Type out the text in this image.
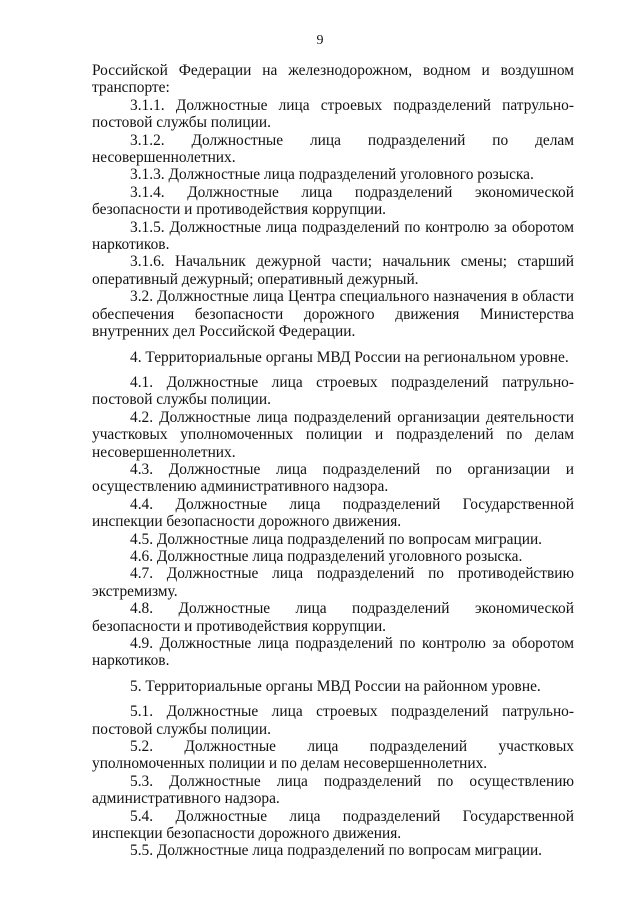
9

Российской Федерации на железнодорожном, водном и воздушном транспорте:

3.1.1. Должностные лица строевых подразделений патрульно-постовой службы полиции.

3.1.2. Должностные лица подразделений по делам несовершеннолетних.

3.1.3. Должностные лица подразделений уголовного розыска.

3.1.4. Должностные лица подразделений экономической безопасности и противодействия коррупции.

3.1.5. Должностные лица подразделений по контролю за оборотом наркотиков.

3.1.6. Начальник дежурной части; начальник смены; старший оперативный дежурный; оперативный дежурный.

3.2. Должностные лица Центра специального назначения в области обеспечения безопасности дорожного движения Министерства внутренних дел Российской Федерации.

4. Территориальные органы МВД России на региональном уровне.

4.1. Должностные лица строевых подразделений патрульно-постовой службы полиции.

4.2. Должностные лица подразделений организации деятельности участковых уполномоченных полиции и подразделений по делам несовершеннолетних.

4.3. Должностные лица подразделений по организации и осуществлению административного надзора.

4.4. Должностные лица подразделений Государственной инспекции безопасности дорожного движения.

4.5. Должностные лица подразделений по вопросам миграции.

4.6. Должностные лица подразделений уголовного розыска.

4.7. Должностные лица подразделений по противодействию экстремизму.

4.8. Должностные лица подразделений экономической безопасности и противодействия коррупции.

4.9. Должностные лица подразделений по контролю за оборотом наркотиков.

5. Территориальные органы МВД России на районном уровне.

5.1. Должностные лица строевых подразделений патрульно-постовой службы полиции.

5.2. Должностные лица подразделений участковых уполномоченных полиции и по делам несовершеннолетних.

5.3. Должностные лица подразделений по осуществлению административного надзора.

5.4. Должностные лица подразделений Государственной инспекции безопасности дорожного движения.

5.5. Должностные лица подразделений по вопросам миграции.
